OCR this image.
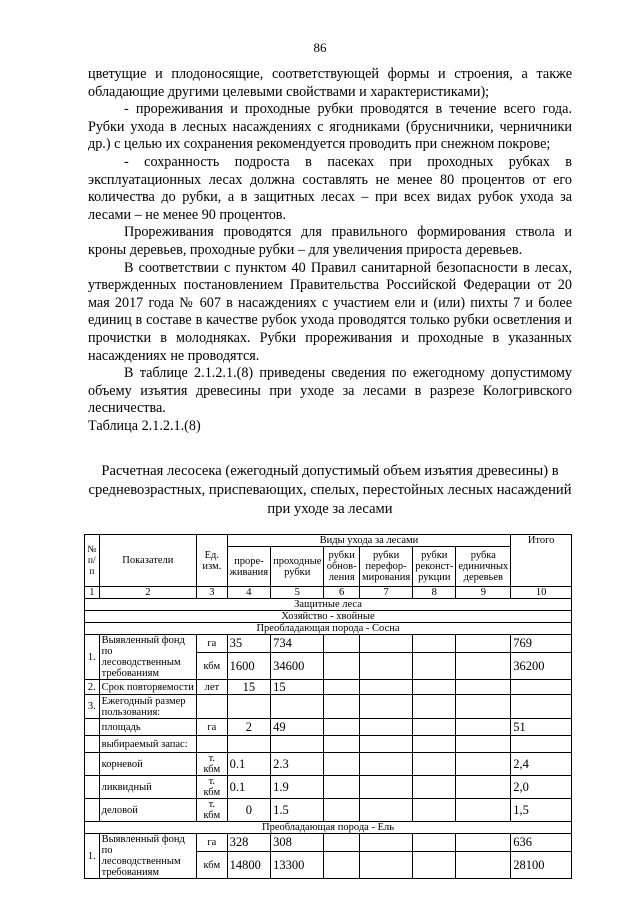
86

цветущие и плодоносящие, соответствующей формы и строения, а также обладающие другими целевыми свойствами и характеристиками);

- прореживания и проходные рубки проводятся в течение всего года. Рубки ухода в лесных насаждениях с ягодниками (брусничники, черничники др.) с целью их сохранения рекомендуется проводить при снежном покрове;

- сохранность подроста в пасеках при проходных рубках в эксплуатационных лесах должна составлять не менее 80 процентов от его количества до рубки, а в защитных лесах – при всех видах рубок ухода за лесами – не менее 90 процентов.

Прореживания проводятся для правильного формирования ствола и кроны деревьев, проходные рубки – для увеличения прироста деревьев.

В соответствии с пунктом 40 Правил санитарной безопасности в лесах, утвержденных постановлением Правительства Российской Федерации от 20 мая 2017 года № 607 в насаждениях с участием ели и (или) пихты 7 и более единиц в составе в качестве рубок ухода проводятся только рубки осветления и прочистки в молодняках. Рубки прореживания и проходные в указанных насаждениях не проводятся.

В таблице 2.1.2.1.(8) приведены сведения по ежегодному допустимому объему изъятия древесины при уходе за лесами в разрезе Кологривского лесничества.

Таблица 2.1.2.1.(8)

Расчетная лесосека (ежегодный допустимый объем изъятия древесины) в средневозрастных, приспевающих, спелых, перестойных лесных насаждений при уходе за лесами
№ п/п	Показатели	Ед. изм.	Виды ухода за лесами						Итого
			проре-живания	проходные рубки	рубки обнов-ления	рубки перефор-мирования	рубки реконст-рукции	рубка единичных деревьев	
1	2	3	4	5	6	7	8	9	10
Защитные леса									
Хозяйство - хвойные									
Преобладающая порода - Сосна									
1.	Выявленный фонд по лесоводственным требованиям	га	35	734					769
		кбм	1600	34600					36200
2.	Срок повторяемости	лет	15	15					
3.	Ежегодный размер пользования:								
	площадь	га	2	49					51
	выбираемый запас:								
	корневой	т. кбм	0.1	2.3					2,4
	ликвидный	т. кбм	0.1	1.9					2,0
	деловой	т. кбм	0	1.5					1,5
Преобладающая порода - Ель									
1.	Выявленный фонд по лесоводственным требованиям	га	328	308					636
		кбм	14800	13300					28100
